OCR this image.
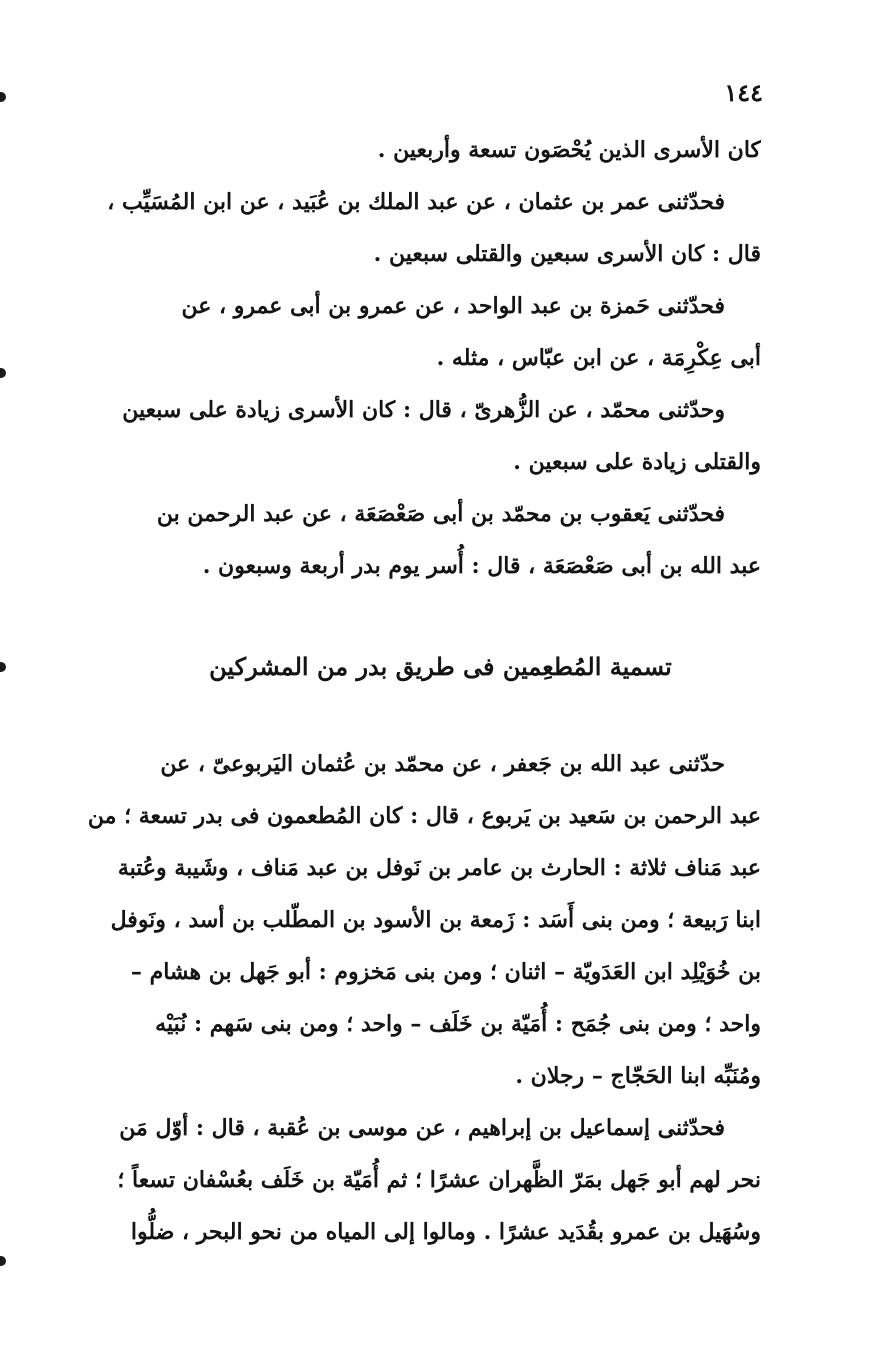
١٤٤
كان الأسرى الذين يُحْصَون تسعة وأربعين .
فحدّثنى عمر بن عثمان ، عن عبد الملك بن عُبَيد ، عن ابن المُسَيِّب ،
قال : كان الأسرى سبعين والقتلى سبعين .
فحدّثنى حَمزة بن عبد الواحد ، عن عمرو بن أبى عمرو ، عن
أبى عِكْرِمَة ، عن ابن عبّاس ، مثله .
وحدّثنى محمّد ، عن الزُّهرىّ ، قال : كان الأسرى زيادة على سبعين
والقتلى زيادة على سبعين .
فحدّثنى يَعقوب بن محمّد بن أبى صَعْصَعَة ، عن عبد الرحمن بن
عبد الله بن أبى صَعْصَعَة ، قال : أُسر يوم بدر أربعة وسبعون .
تسمية المُطعِمين فى طريق بدر من المشركين
حدّثنى عبد الله بن جَعفر ، عن محمّد بن عُثمان اليَربوعىّ ، عن
عبد الرحمن بن سَعيد بن يَربوع ، قال : كان المُطعمون فى بدر تسعة ؛ من
عبد مَناف ثلاثة : الحارث بن عامر بن نَوفل بن عبد مَناف ، وشَيبة وعُتبة
ابنا رَبيعة ؛ ومن بنى أَسَد : زَمعة بن الأسود بن المطّلب بن أسد ، ونَوفل
بن خُوَيْلِد ابن العَدَويّة – اثنان ؛ ومن بنى مَخزوم : أبو جَهل بن هشام –
واحد ؛ ومن بنى جُمَح : أُمَيّة بن خَلَف – واحد ؛ ومن بنى سَهم : نُبَيْه
ومُنَبِّه ابنا الحَجّاج – رجلان .
فحدّثنى إسماعيل بن إبراهيم ، عن موسى بن عُقبة ، قال : أوّل مَن
نحر لهم أبو جَهل بمَرّ الظَّهران عشرًا ؛ ثم أُمَيّة بن خَلَف بعُسْفان تسعاً ؛
وسُهَيل بن عمرو بقُدَيد عشرًا . ومالوا إلى المياه من نحو البحر ، ضلُّوا
